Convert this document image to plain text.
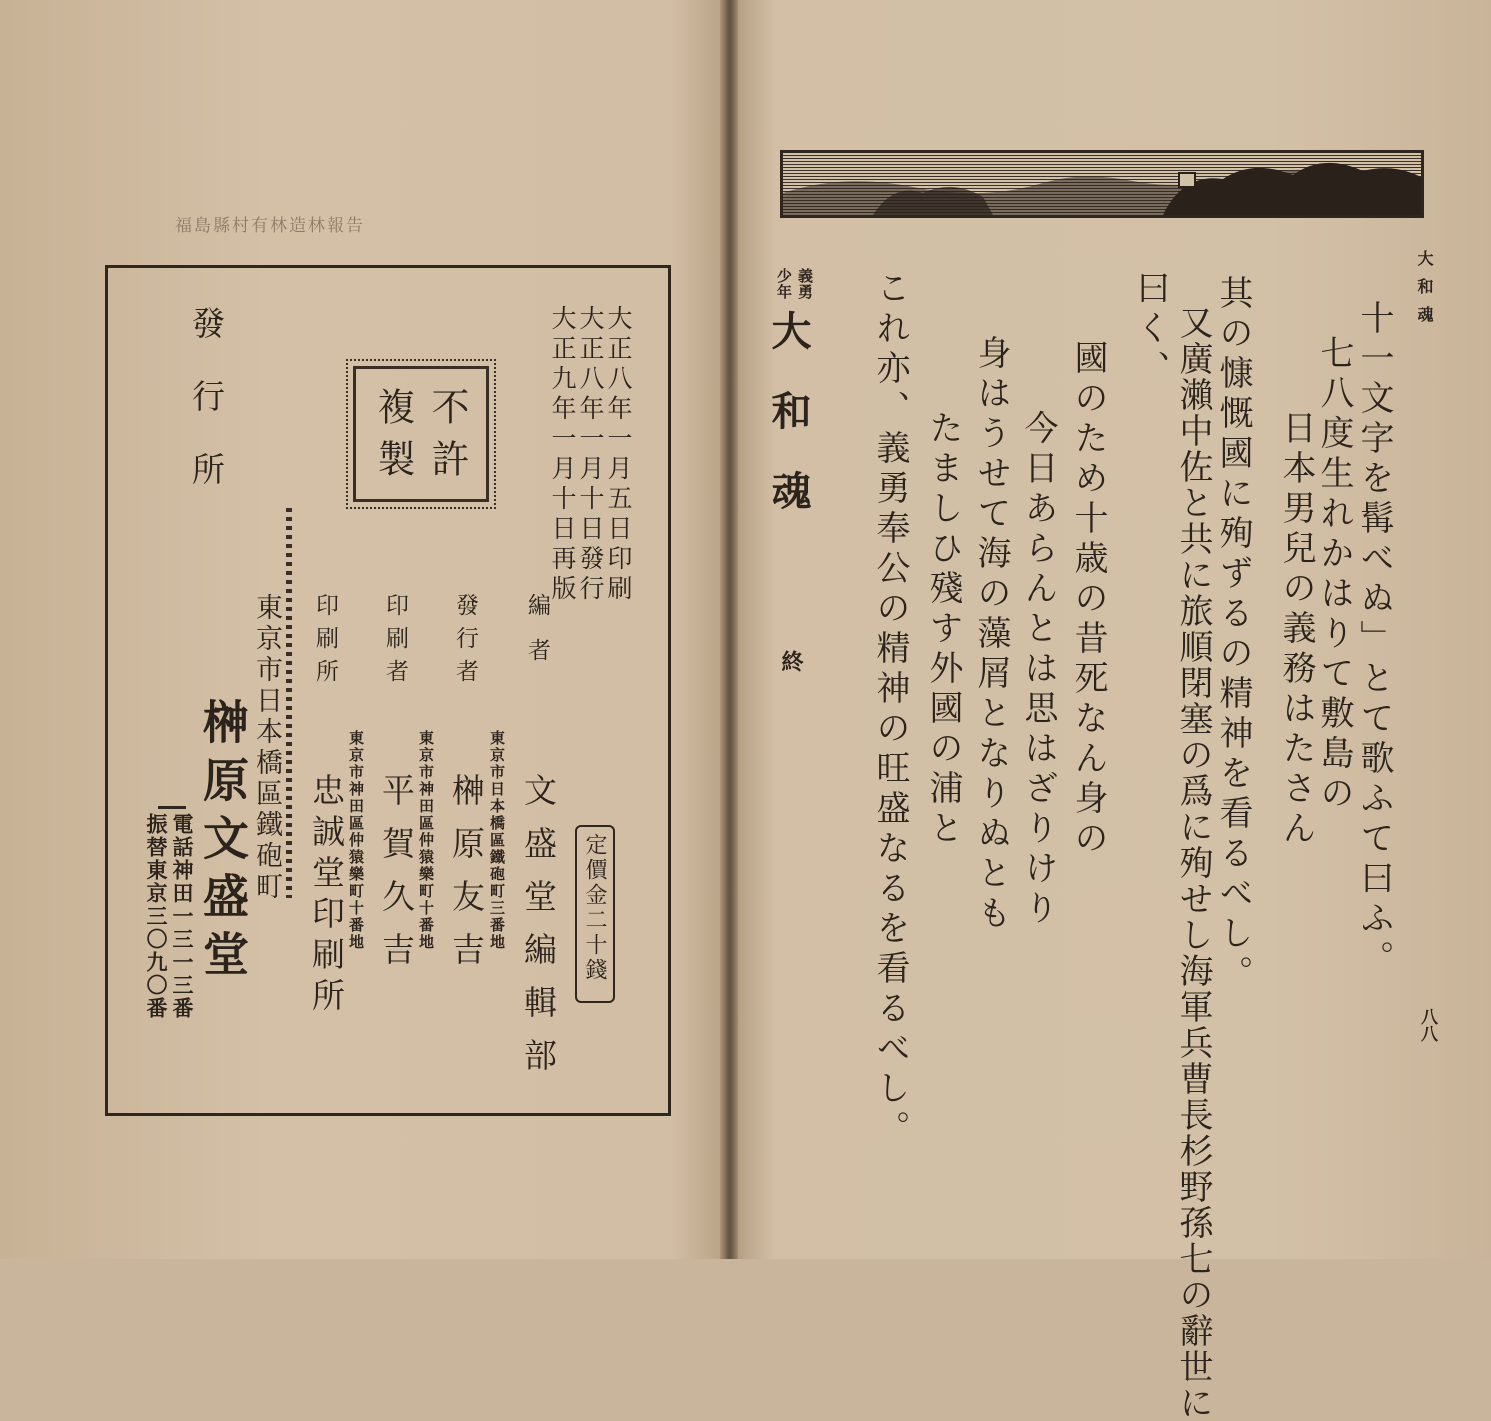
福島縣村有林造林報告
大正八年一月五日印刷
大正八年一月十日發行
大正九年一月十日再版
不許
複製
編者
東京市日本橋區鐵砲町三番地 文盛堂編輯部 定價金二十錢
發行者
東京市神田區仲猿樂町十番地 榊原友吉
印刷者
東京市神田區仲猿樂町十番地 平賀久吉
印刷所
忠誠堂印刷所
發行所
東京市日本橋區鐵砲町
榊原文盛堂
電話神田一三一三番
振替東京三〇九〇番
大和魂
十一文字を髯べぬ」とて歌ふて曰ふ。
七八度生れかはりて敷島の
日本男兒の義務はたさん
其の慷慨國に殉ずるの精神を看るべし。
又廣瀨中佐と共に旅順閉塞の爲に殉せし海軍兵曹長杉野孫七の辭世に
曰く、
國のため十歳の昔死なん身の
今日あらんとは思はざりけり
身はうせて海の藻屑となりぬとも
たましひ殘す外國の浦と
これ亦、義勇奉公の精神の旺盛なるを看るべし。
義勇
少年
大和魂
終
八八
